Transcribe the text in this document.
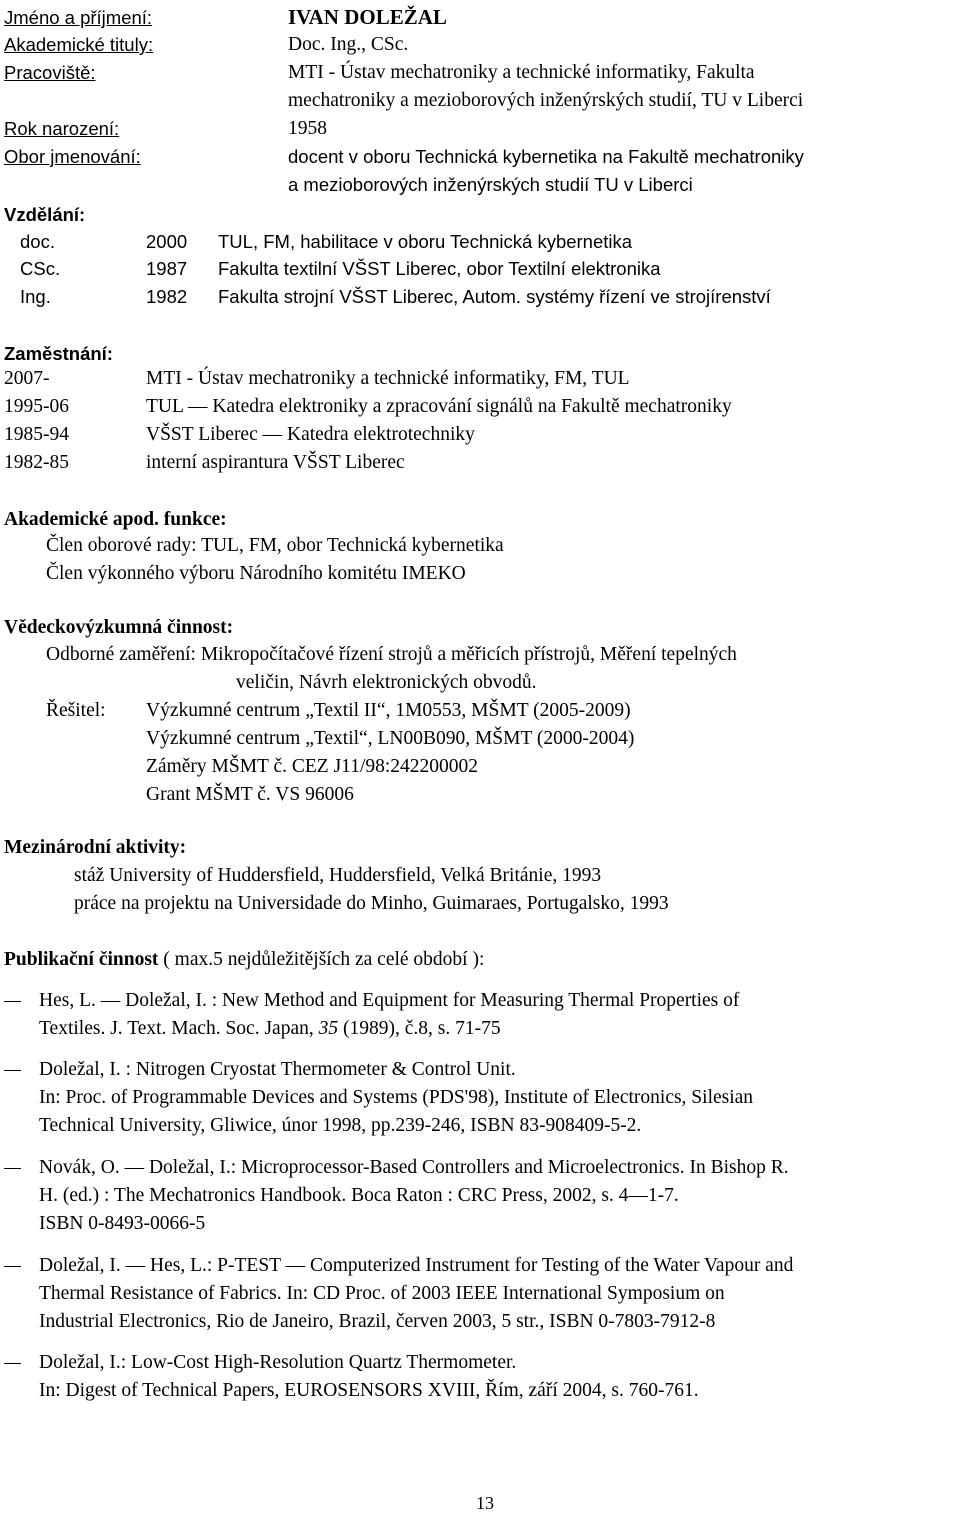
Jméno a příjmení:	IVAN DOLEŽAL
Akademické tituly:	Doc. Ing., CSc.
Pracoviště:	MTI - Ústav mechatroniky a technické informatiky, Fakulta
mechatroniky a mezioborových inženýrských studií, TU v Liberci
Rok narození:	1958
Obor jmenování:	docent v oboru Technická kybernetika na Fakultě mechatroniky
a mezioborových inženýrských studií TU v Liberci
Vzdělání:
doc.	2000 TUL, FM, habilitace v oboru Technická kybernetika
CSc.	1987 Fakulta textilní VŠST Liberec, obor Textilní elektronika
Ing.	1982 Fakulta strojní VŠST Liberec, Autom. systémy řízení ve strojírenství
Zaměstnání:
2007-	MTI - Ústav mechatroniky a technické informatiky, FM, TUL
1995-06	TUL — Katedra elektroniky a zpracování signálů na Fakultě mechatroniky
1985-94	VŠST Liberec — Katedra elektrotechniky
1982-85	interní aspirantura VŠST Liberec
Akademické apod. funkce:
Člen oborové rady: TUL, FM, obor Technická kybernetika
Člen výkonného výboru Národního komitétu IMEKO
Vědeckovýzkumná činnost:
Odborné zaměření: Mikropočítačové řízení strojů a měřicích přístrojů, Měření tepelných
veličin, Návrh elektronických obvodů.
Řešitel: Výzkumné centrum „Textil II“, 1M0553, MŠMT (2005-2009)
Výzkumné centrum „Textil“, LN00B090, MŠMT (2000-2004)
Záměry MŠMT č. CEZ J11/98:242200002
Grant MŠMT č. VS 96006
Mezinárodní aktivity:
stáž University of Huddersfield, Huddersfield, Velká Británie, 1993
práce na projektu na Universidade do Minho, Guimaraes, Portugalsko, 1993
Publikační činnost ( max.5 nejdůležitějších za celé období ):
Hes, L. — Doležal, I. : New Method and Equipment for Measuring Thermal Properties of
Textiles. J. Text. Mach. Soc. Japan, 35 (1989), č.8, s. 71-75
Doležal, I. : Nitrogen Cryostat Thermometer & Control Unit.
In: Proc. of Programmable Devices and Systems (PDS'98), Institute of Electronics, Silesian
Technical University, Gliwice, únor 1998, pp.239-246, ISBN 83-908409-5-2.
Novák, O. — Doležal, I.: Microprocessor-Based Controllers and Microelectronics. In Bishop R.
H. (ed.) : The Mechatronics Handbook. Boca Raton : CRC Press, 2002, s. 4—1-7.
ISBN 0-8493-0066-5
Doležal, I. — Hes, L.: P-TEST — Computerized Instrument for Testing of the Water Vapour and
Thermal Resistance of Fabrics. In: CD Proc. of 2003 IEEE International Symposium on
Industrial Electronics, Rio de Janeiro, Brazil, červen 2003, 5 str., ISBN 0-7803-7912-8
Doležal, I.: Low-Cost High-Resolution Quartz Thermometer.
In: Digest of Technical Papers, EUROSENSORS XVIII, Řím, září 2004, s. 760-761.
13
